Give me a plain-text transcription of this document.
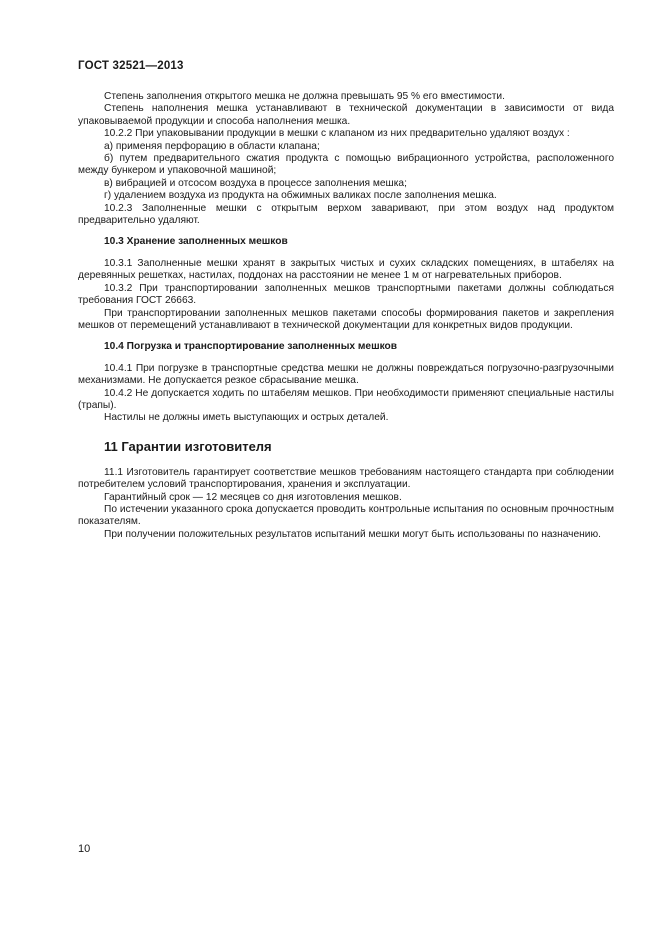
ГОСТ 32521—2013

Степень заполнения открытого мешка не должна превышать 95 % его вместимости.

Степень наполнения мешка устанавливают в технической документации в зависимости от вида упаковываемой продукции и способа наполнения мешка.

10.2.2 При упаковывании продукции в мешки с клапаном из них предварительно удаляют воздух :

а) применяя перфорацию в области клапана;

б) путем предварительного сжатия продукта с помощью вибрационного устройства, расположенного между бункером и упаковочной машиной;

в) вибрацией и отсосом воздуха в процессе заполнения мешка;

г) удалением воздуха из продукта на обжимных валиках после заполнения мешка.

10.2.3 Заполненные мешки с открытым верхом заваривают, при этом воздух над продуктом предварительно удаляют.

10.3 Хранение заполненных мешков

10.3.1 Заполненные мешки хранят в закрытых чистых и сухих складских помещениях, в штабелях на деревянных решетках, настилах, поддонах на расстоянии не менее 1 м от нагревательных приборов.

10.3.2 При транспортировании заполненных мешков транспортными пакетами должны соблюдаться требования ГОСТ 26663.

При транспортировании заполненных мешков пакетами способы формирования пакетов и закрепления мешков от перемещений устанавливают в технической документации для конкретных видов продукции.

10.4 Погрузка и транспортирование заполненных мешков

10.4.1 При погрузке в транспортные средства мешки не должны повреждаться погрузочно-разгрузочными механизмами. Не допускается резкое сбрасывание мешка.

10.4.2 Не допускается ходить по штабелям мешков. При необходимости применяют специальные настилы (трапы).

Настилы не должны иметь выступающих и острых деталей.

11 Гарантии изготовителя

11.1 Изготовитель гарантирует соответствие мешков требованиям настоящего стандарта при соблюдении потребителем условий транспортирования, хранения и эксплуатации.

Гарантийный срок — 12 месяцев со дня изготовления мешков.

По истечении указанного срока допускается проводить контрольные испытания по основным прочностным показателям.

При получении положительных результатов испытаний мешки могут быть использованы по назначению.

10
